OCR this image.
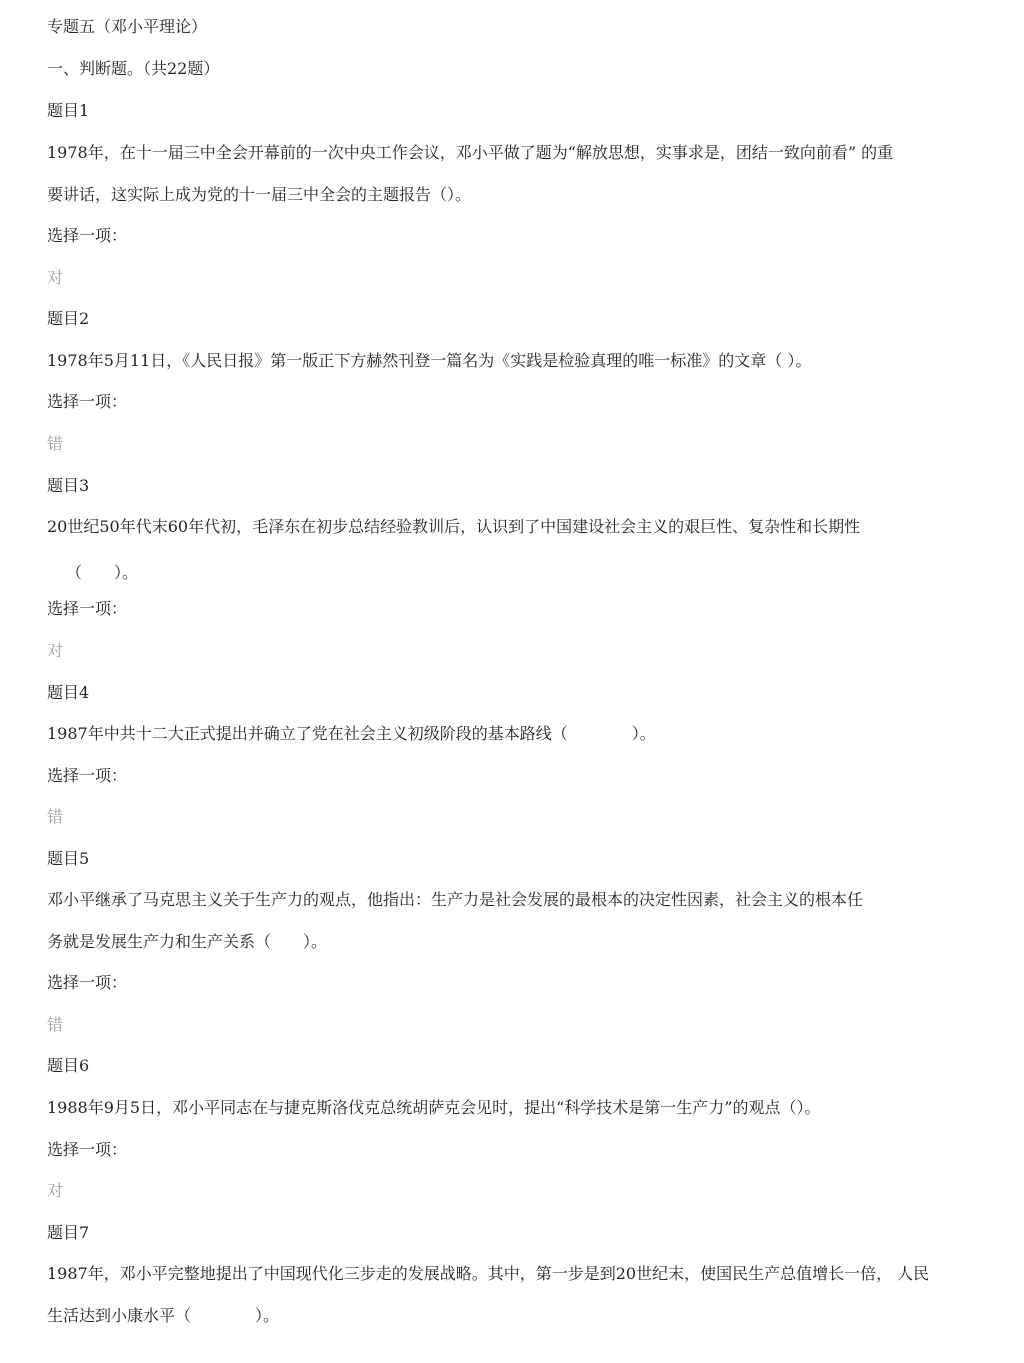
专题五（邓小平理论）
一、判断题。（共22题）
题目1
1978年，在十一届三中全会开幕前的一次中央工作会议，邓小平做了题为“解放思想，实事求是，团结一致向前看” 的重
要讲话，这实际上成为党的十一届三中全会的主题报告（）。
选择一项：
对
题目2
1978年5月11日，《人民日报》第一版正下方赫然刊登一篇名为《实践是检验真理的唯一标准》的文章（ ）。
选择一项：
错
题目3
20世纪50年代末60年代初，毛泽东在初步总结经验教训后，认识到了中国建设社会主义的艰巨性、复杂性和长期性
（　　）。
选择一项：
对
题目4
1987年中共十二大正式提出并确立了党在社会主义初级阶段的基本路线（　　　　）。
选择一项：
错
题目5
邓小平继承了马克思主义关于生产力的观点，他指出：生产力是社会发展的最根本的决定性因素，社会主义的根本任
务就是发展生产力和生产关系（　　）。
选择一项：
错
题目6
1988年9月5日，邓小平同志在与捷克斯洛伐克总统胡萨克会见时，提出“科学技术是第一生产力”的观点（）。
选择一项：
对
题目7
1987年，邓小平完整地提出了中国现代化三步走的发展战略。其中，第一步是到20世纪末，使国民生产总值增长一倍， 人民
生活达到小康水平（　　　　）。
